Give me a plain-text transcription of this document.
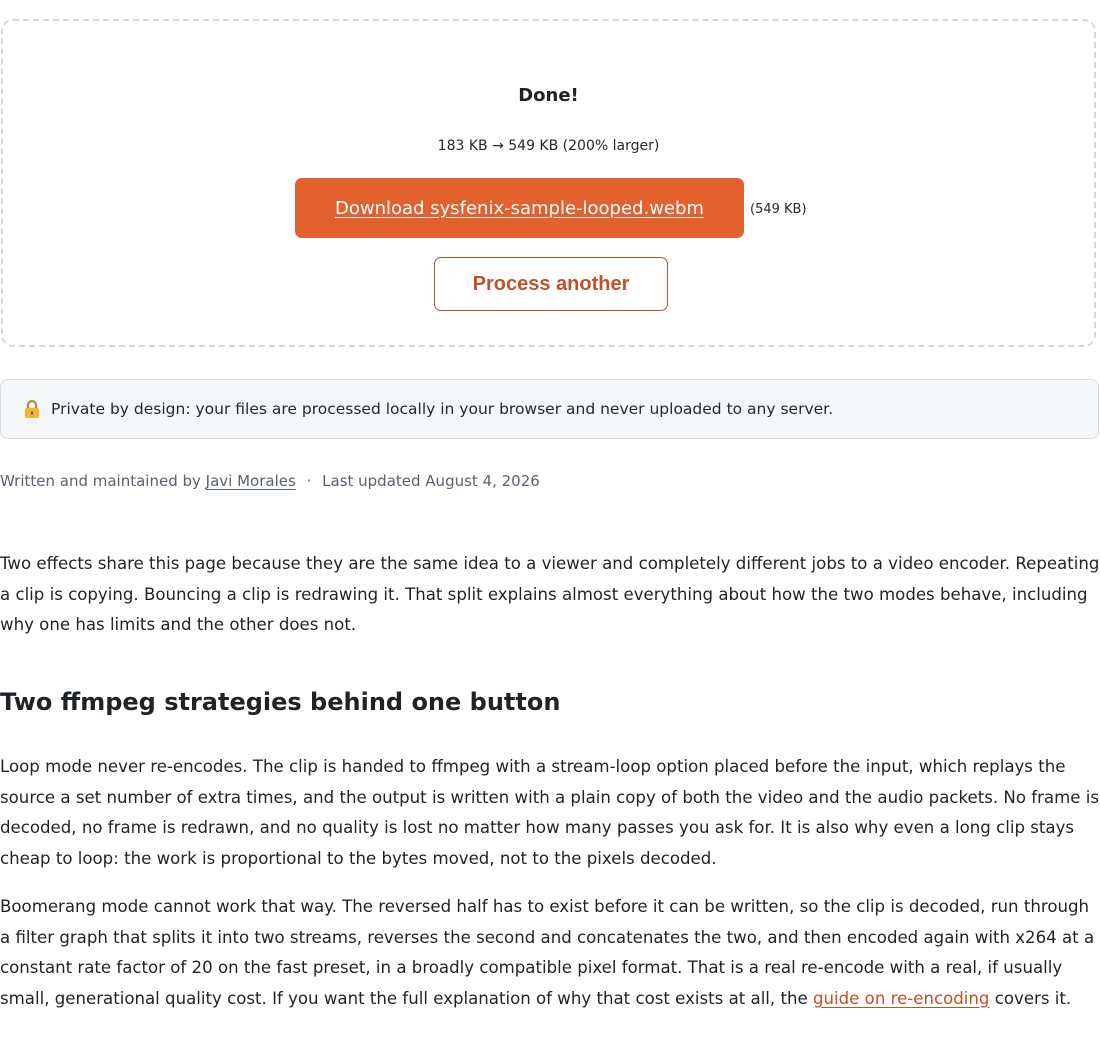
Done!
183 KB → 549 KB (200% larger)
Download sysfenix-sample-looped.webm	(549 KB)
Process another
Private by design: your files are processed locally in your browser and never uploaded to any server.
Written and maintained by Javi Morales · Last updated August 4, 2026

Two effects share this page because they are the same idea to a viewer and completely different jobs to a video encoder. Repeating a clip is copying. Bouncing a clip is redrawing it. That split explains almost everything about how the two modes behave, including why one has limits and the other does not.

Two ffmpeg strategies behind one button

Loop mode never re-encodes. The clip is handed to ffmpeg with a stream-loop option placed before the input, which replays the source a set number of extra times, and the output is written with a plain copy of both the video and the audio packets. No frame is decoded, no frame is redrawn, and no quality is lost no matter how many passes you ask for. It is also why even a long clip stays cheap to loop: the work is proportional to the bytes moved, not to the pixels decoded.

Boomerang mode cannot work that way. The reversed half has to exist before it can be written, so the clip is decoded, run through a filter graph that splits it into two streams, reverses the second and concatenates the two, and then encoded again with x264 at a constant rate factor of 20 on the fast preset, in a broadly compatible pixel format. That is a real re-encode with a real, if usually small, generational quality cost. If you want the full explanation of why that cost exists at all, the guide on re-encoding covers it.
